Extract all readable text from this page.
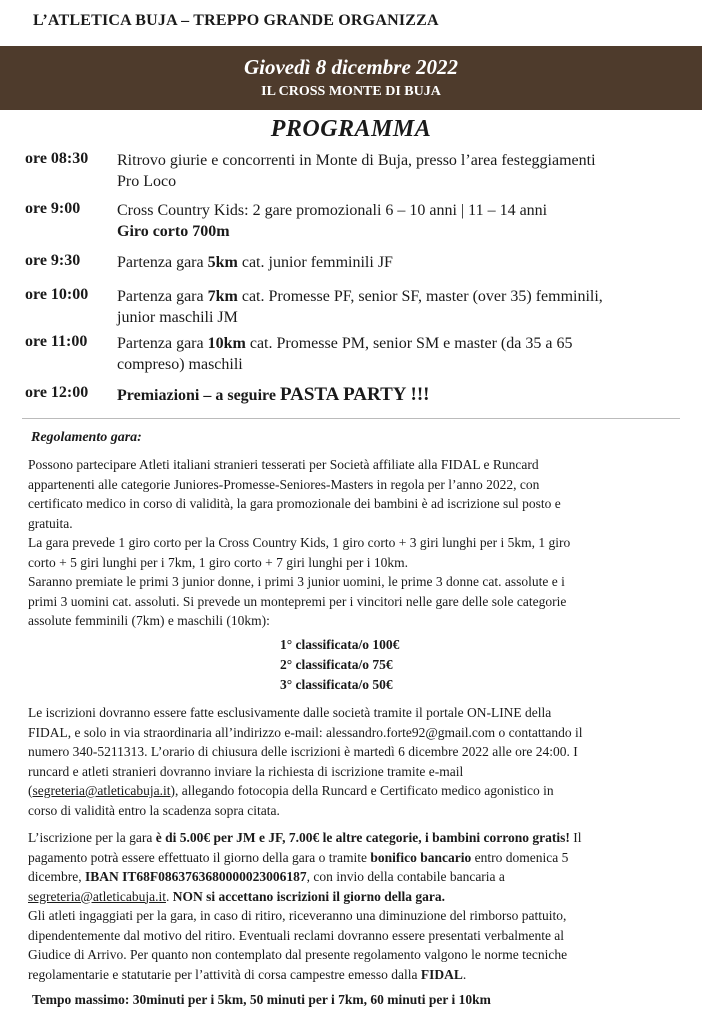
L’ATLETICA BUJA – TREPPO GRANDE ORGANIZZA
Giovedì 8 dicembre 2022
IL CROSS MONTE DI BUJA
PROGRAMMA
ore 08:30 Ritrovo giurie e concorrenti in Monte di Buja, presso l’area festeggiamenti
Pro Loco
ore 9:00 Cross Country Kids: 2 gare promozionali 6 – 10 anni | 11 – 14 anni
Giro corto 700m
ore 9:30 Partenza gara 5km cat. junior femminili JF
ore 10:00 Partenza gara 7km cat. Promesse PF, senior SF, master (over 35) femminili,
junior maschili JM
ore 11:00 Partenza gara 10km cat. Promesse PM, senior SM e master (da 35 a 65
compreso) maschili
ore 12:00 Premiazioni – a seguire PASTA PARTY !!!
Regolamento gara:
Possono partecipare Atleti italiani stranieri tesserati per Società affiliate alla FIDAL e Runcard
appartenenti alle categorie Juniores-Promesse-Seniores-Masters in regola per l’anno 2022, con
certificato medico in corso di validità, la gara promozionale dei bambini è ad iscrizione sul posto e
gratuita.
La gara prevede 1 giro corto per la Cross Country Kids, 1 giro corto + 3 giri lunghi per i 5km, 1 giro
corto + 5 giri lunghi per i 7km, 1 giro corto + 7 giri lunghi per i 10km.
Saranno premiate le primi 3 junior donne, i primi 3 junior uomini, le prime 3 donne cat. assolute e i
primi 3 uomini cat. assoluti. Si prevede un montepremi per i vincitori nelle gare delle sole categorie
assolute femminili (7km) e maschili (10km):
1° classificata/o 100€
2° classificata/o 75€
3° classificata/o 50€
Le iscrizioni dovranno essere fatte esclusivamente dalle società tramite il portale ON-LINE della
FIDAL, e solo in via straordinaria all’indirizzo e-mail: alessandro.forte92@gmail.com o contattando il
numero 340-5211313. L’orario di chiusura delle iscrizioni è martedì 6 dicembre 2022 alle ore 24:00. I
runcard e atleti stranieri dovranno inviare la richiesta di iscrizione tramite e-mail
(segreteria@atleticabuja.it), allegando fotocopia della Runcard e Certificato medico agonistico in
corso di validità entro la scadenza sopra citata.
L’iscrizione per la gara è di 5.00€ per JM e JF, 7.00€ le altre categorie, i bambini corrono gratis! Il
pagamento potrà essere effettuato il giorno della gara o tramite bonifico bancario entro domenica 5
dicembre, IBAN IT68F0863763680000023006187, con invio della contabile bancaria a
segreteria@atleticabuja.it. NON si accettano iscrizioni il giorno della gara.
Gli atleti ingaggiati per la gara, in caso di ritiro, riceveranno una diminuzione del rimborso pattuito,
dipendentemente dal motivo del ritiro. Eventuali reclami dovranno essere presentati verbalmente al
Giudice di Arrivo. Per quanto non contemplato dal presente regolamento valgono le norme tecniche
regolamentarie e statutarie per l’attività di corsa campestre emesso dalla FIDAL.
Tempo massimo: 30minuti per i 5km, 50 minuti per i 7km, 60 minuti per i 10km
